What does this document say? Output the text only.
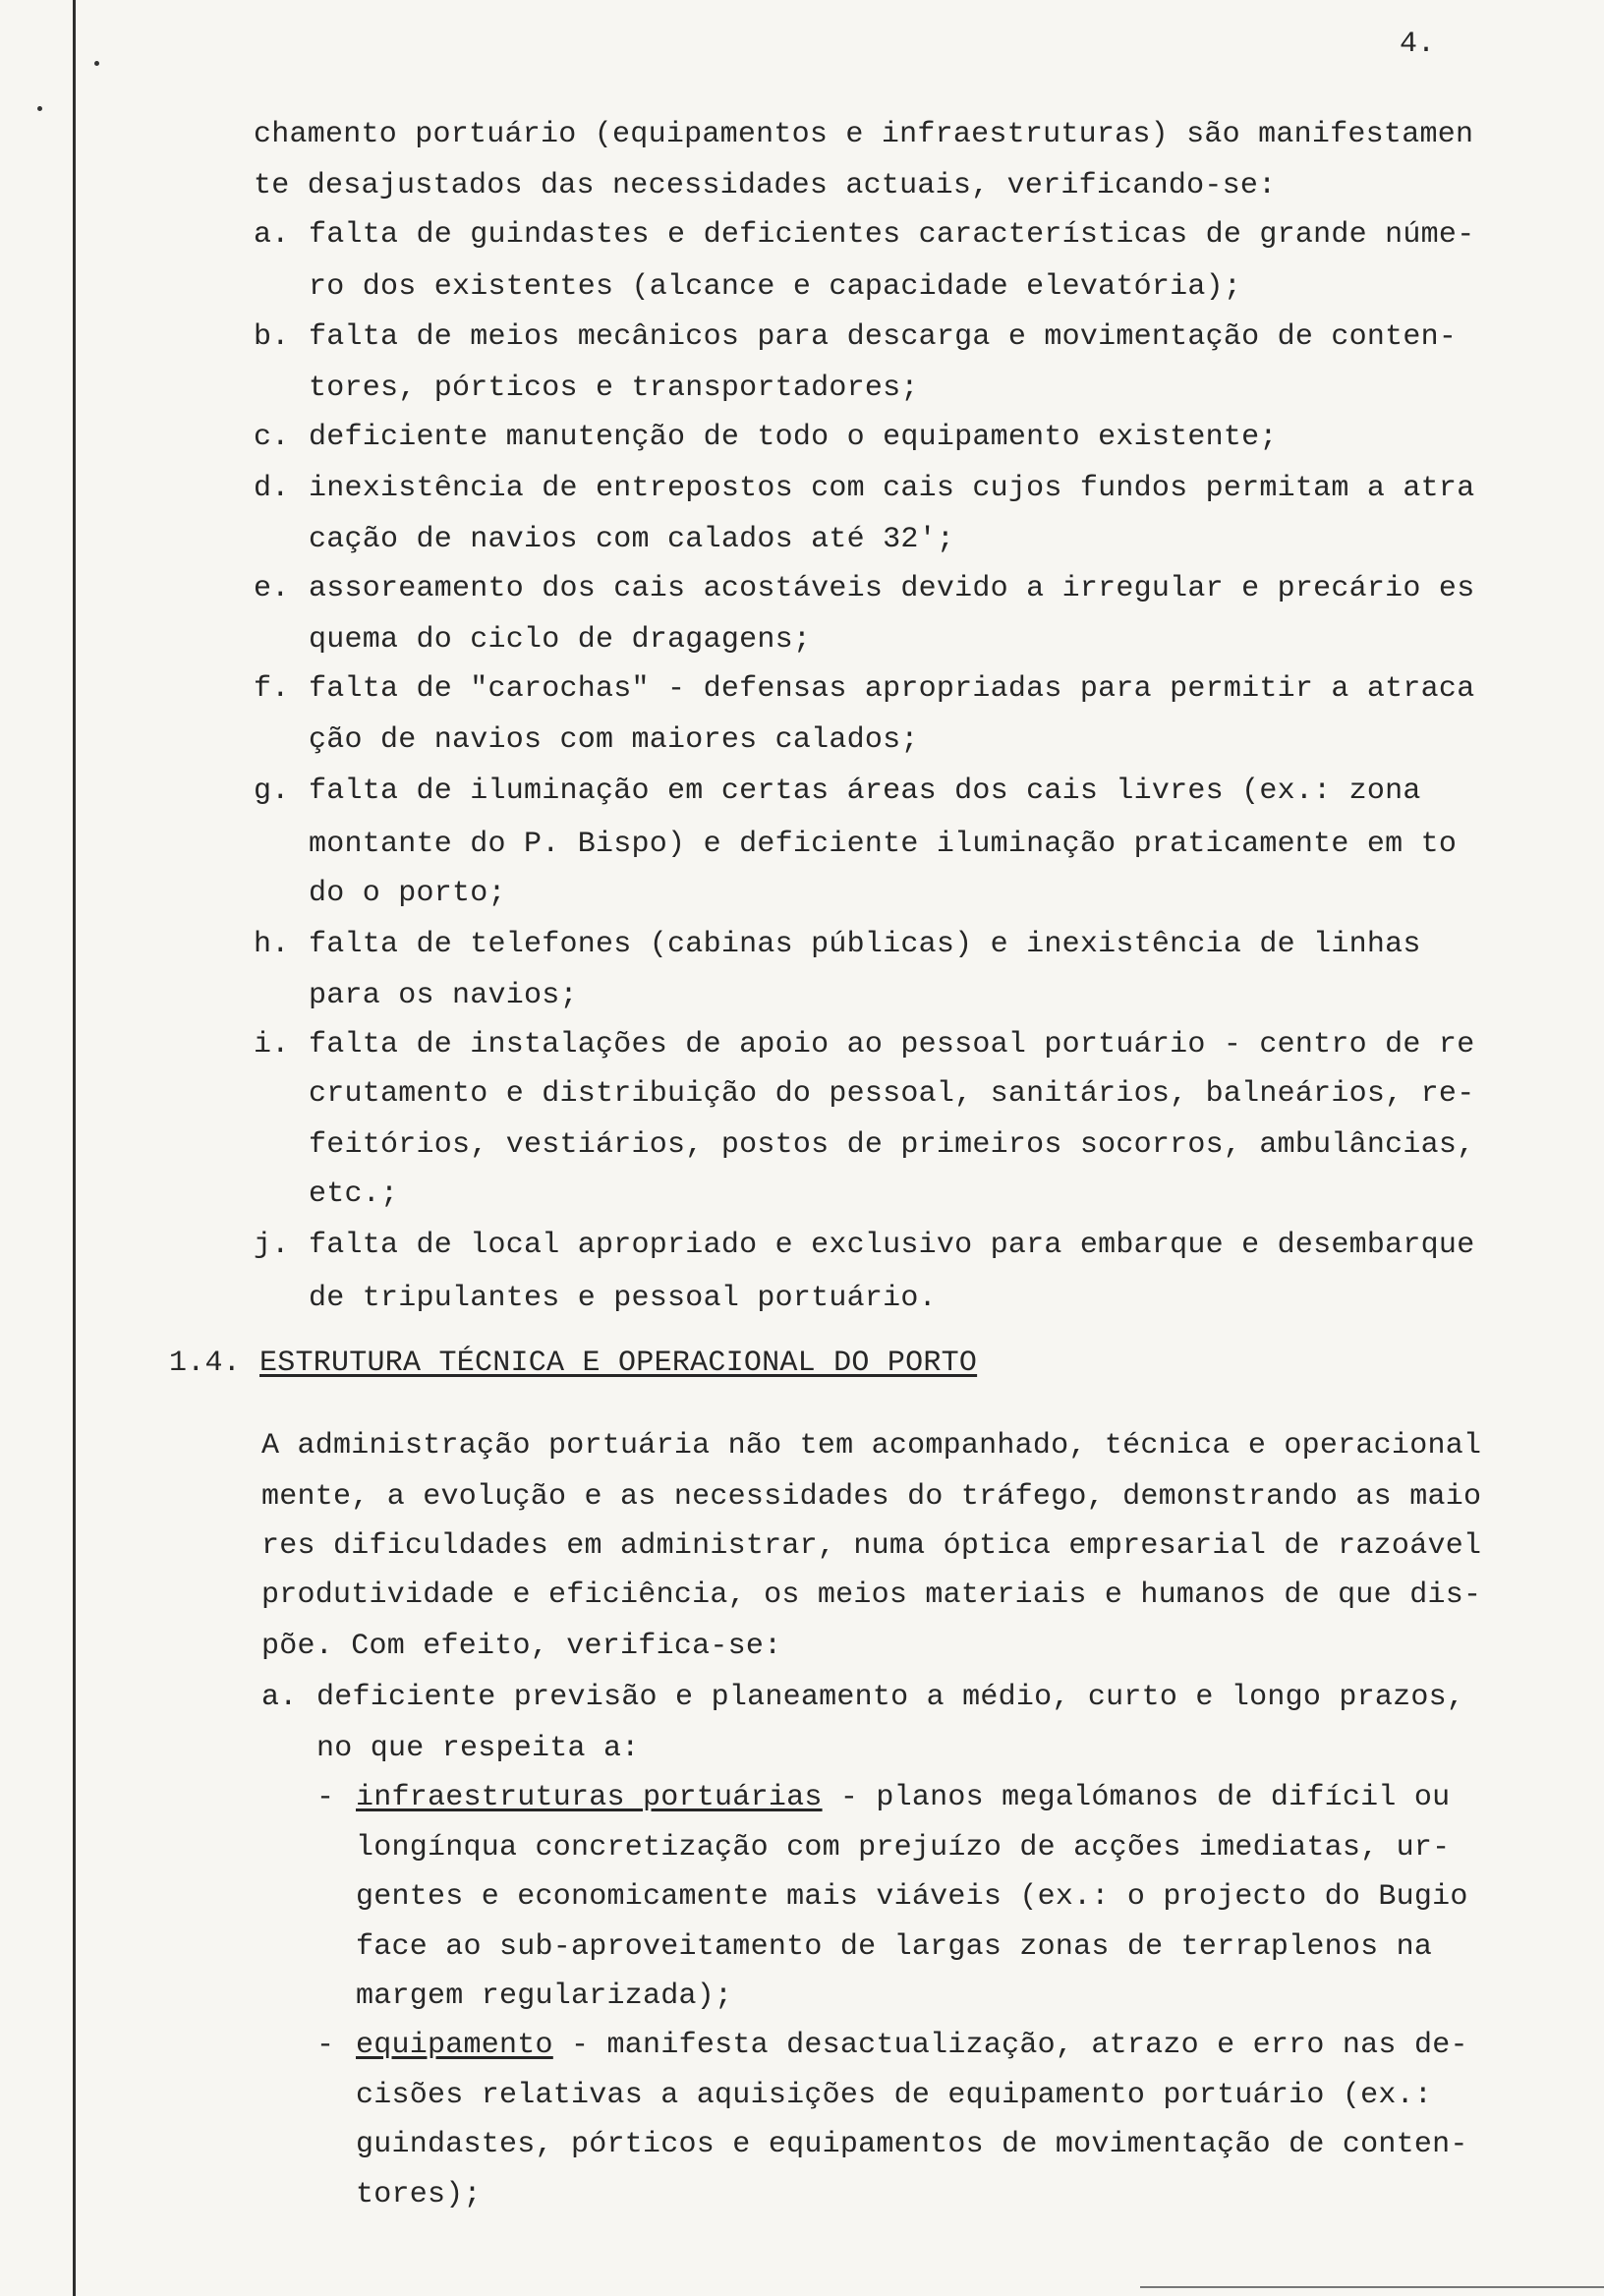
4.
chamento portuário (equipamentos e infraestruturas) são manifestamen
te desajustados das necessidades actuais, verificando-se:
a. falta de guindastes e deficientes características de grande núme-
ro dos existentes (alcance e capacidade elevatória);
b. falta de meios mecânicos para descarga e movimentação de conten-
tores, pórticos e transportadores;
c. deficiente manutenção de todo o equipamento existente;
d. inexistência de entrepostos com cais cujos fundos permitam a atra
cação de navios com calados até 32';
e. assoreamento dos cais acostáveis devido a irregular e precário es
quema do ciclo de dragagens;
f. falta de "carochas" - defensas apropriadas para permitir a atraca
ção de navios com maiores calados;
g. falta de iluminação em certas áreas dos cais livres (ex.: zona
montante do P. Bispo) e deficiente iluminação praticamente em to
do o porto;
h. falta de telefones (cabinas públicas) e inexistência de linhas
para os navios;
i. falta de instalações de apoio ao pessoal portuário - centro de re
crutamento e distribuição do pessoal, sanitários, balneários, re-
feitórios, vestiários, postos de primeiros socorros, ambulâncias,
etc.;
j. falta de local apropriado e exclusivo para embarque e desembarque
de tripulantes e pessoal portuário.
1.4. ESTRUTURA TÉCNICA E OPERACIONAL DO PORTO
A administração portuária não tem acompanhado, técnica e operacional
mente, a evolução e as necessidades do tráfego, demonstrando as maio
res dificuldades em administrar, numa óptica empresarial de razoável
produtividade e eficiência, os meios materiais e humanos de que dis-
põe. Com efeito, verifica-se:
a. deficiente previsão e planeamento a médio, curto e longo prazos,
no que respeita a:
- infraestruturas portuárias - planos megalómanos de difícil ou
longínqua concretização com prejuízo de acções imediatas, ur-
gentes e economicamente mais viáveis (ex.: o projecto do Bugio
face ao sub-aproveitamento de largas zonas de terraplenos na
margem regularizada);
- equipamento - manifesta desactualização, atrazo e erro nas de-
cisões relativas a aquisições de equipamento portuário (ex.:
guindastes, pórticos e equipamentos de movimentação de conten-
tores);
